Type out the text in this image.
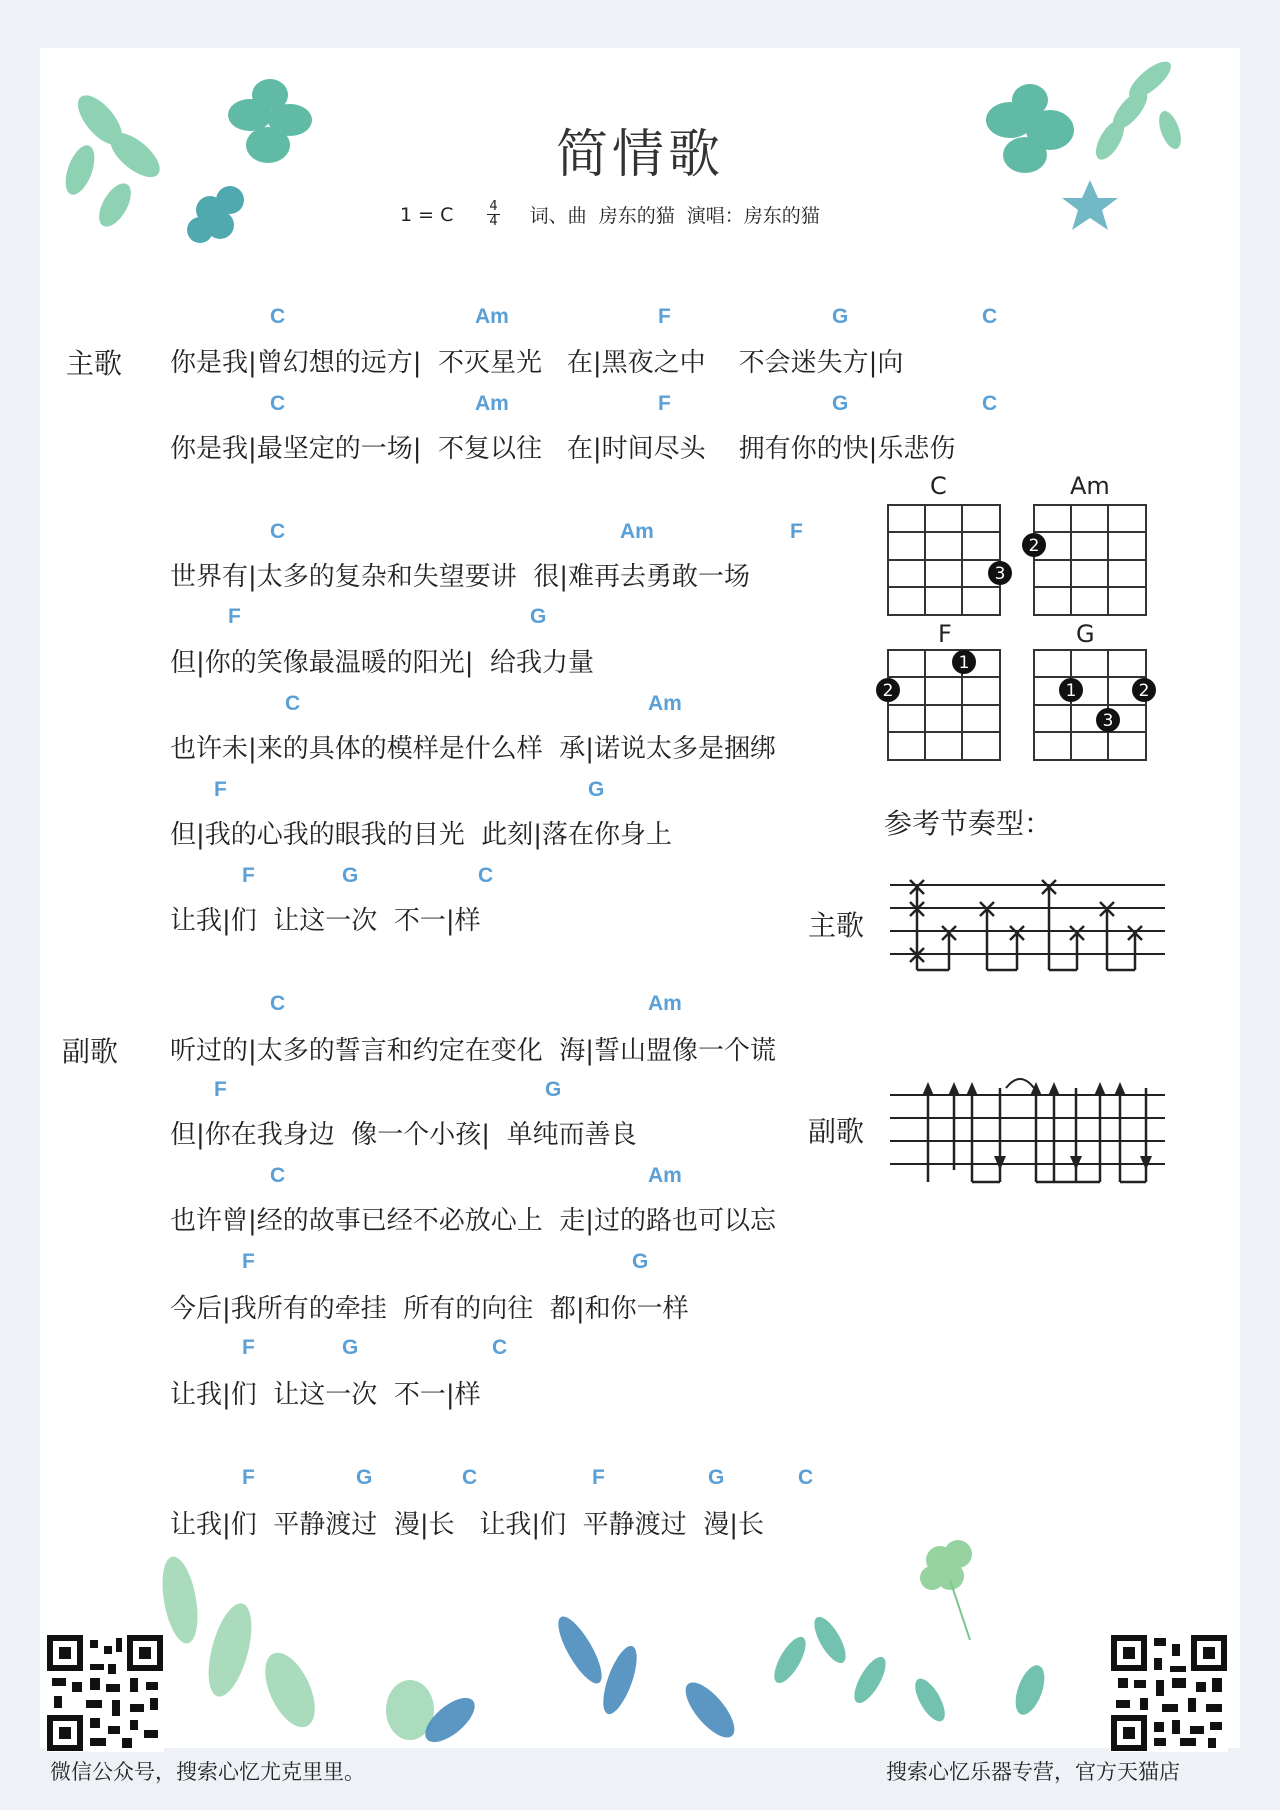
简情歌
1 = C	$\frac{4}{4}$ 词、曲  房东的猫  演唱：房东的猫
主歌
副歌
C	Am	F	G	C
你是我|曾幻想的远方|  不灭星光   在|黑夜之中    不会迷失方|向
C	Am	F	G	C
你是我|最坚定的一场|  不复以往   在|时间尽头    拥有你的快|乐悲伤
C	Am	F
世界有|太多的复杂和失望要讲  很|难再去勇敢一场
F	G
但|你的笑像最温暖的阳光|  给我力量
C	Am
也许未|来的具体的模样是什么样  承|诺说太多是捆绑
F	G
但|我的心我的眼我的目光  此刻|落在你身上
F	G	C
让我|们  让这一次  不一|样
C	Am
听过的|太多的誓言和约定在变化  海|誓山盟像一个谎
F	G
但|你在我身边  像一个小孩|  单纯而善良
C	Am
也许曾|经的故事已经不必放心上  走|过的路也可以忘
F	G
今后|我所有的牵挂  所有的向往  都|和你一样
F	G	C
让我|们  让这一次  不一|样
F	G	C	F	G	C
让我|们  平静渡过  漫|长   让我|们  平静渡过  漫|长
C
3
Am
2
F
1
2
G
1	2
3
参考节奏型：
主歌
副歌
微信公众号，搜索心忆尤克里里。	搜索心忆乐器专营，官方天猫店
